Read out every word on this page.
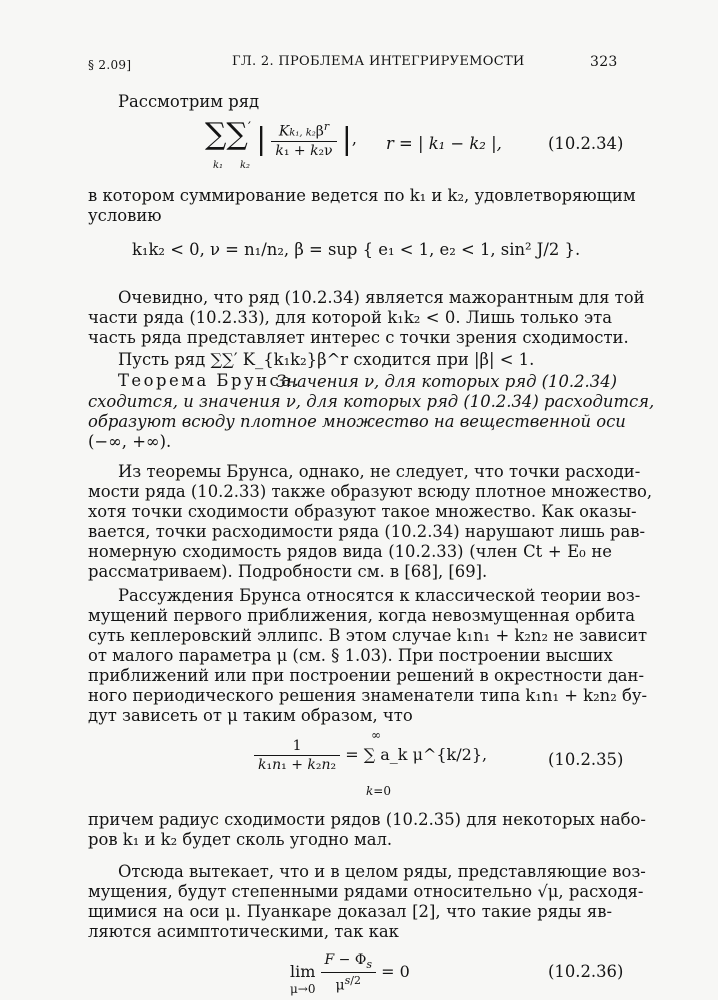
§ 2.09]	ГЛ. 2. ПРОБЛЕМА ИНТЕГРИРУЕМОСТИ	323
Рассмотрим ряд
∑∑′ | $\frac{Kk_1, k_2\beta^r}{\text{k₁ + k₂ν}}$ |,
k₁ k₂
r = | k₁ − k₂ |,	(10.2.34)
в котором суммирование ведется по k₁ и k₂, удовлетворяющим
условию
k₁k₂ < 0, ν = n₁/n₂, β = sup { e₁ < 1, e₂ < 1, sin² J/2 }.
Очевидно, что ряд (10.2.34) является мажорантным для той
части ряда (10.2.33), для которой k₁k₂ < 0. Лишь только эта
часть ряда представляет интерес с точки зрения сходимости.
Пусть ряд ∑∑′ K_{k₁k₂}β^r сходится при |β| < 1.
Теорема Брунса.
Значения ν, для которых ряд (10.2.34)
сходится, и значения ν, для которых ряд (10.2.34) расходится,
образуют всюду плотное множество на вещественной оси
(−∞, +∞).
Из теоремы Брунса, однако, не следует, что точки расходи-
мости ряда (10.2.33) также образуют всюду плотное множество,
хотя точки сходимости образуют такое множество. Как оказы-
вается, точки расходимости ряда (10.2.34) нарушают лишь рав-
номерную сходимость рядов вида (10.2.33) (член Ct + E₀ не
рассматриваем). Подробности см. в [68], [69].
Рассуждения Брунса относятся к классической теории воз-
мущений первого приближения, когда невозмущенная орбита
суть кеплеровский эллипс. В этом случае k₁n₁ + k₂n₂ не зависит
от малого параметра μ (см. § 1.03). При построении высших
приближений или при построении решений в окрестности дан-
ного периодического решения знаменатели типа k₁n₁ + k₂n₂ бу-
дут зависеть от μ таким образом, что
$\frac{1}{\text{k₁n₁ + k₂n₂}}$ = ∑ a_k μ^{k/2},
∞
k=0
(10.2.35)
причем радиус сходимости рядов (10.2.35) для некоторых набо-
ров k₁ и k₂ будет сколь угодно мал.
Отсюда вытекает, что и в целом ряды, представляющие воз-
мущения, будут степенными рядами относительно √μ, расходя-
щимися на оси μ. Пуанкаре доказал [2], что такие ряды яв-
ляются асимптотическими, так как
$\lim \frac{F - \Phi_s}{\mu^{s/2}} = 0$
μ→0
(10.2.36)
